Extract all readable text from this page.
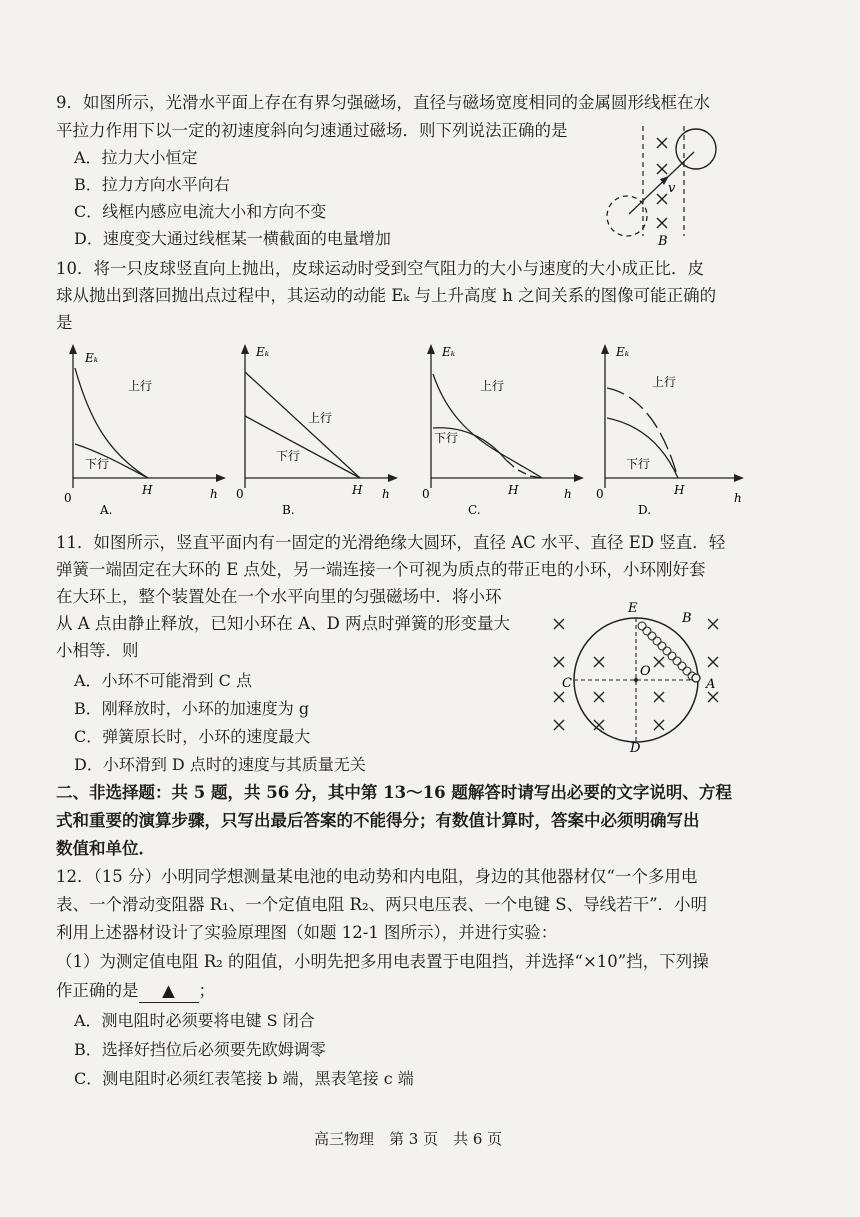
9．如图所示，光滑水平面上存在有界匀强磁场，直径与磁场宽度相同的金属圆形线框在水
平拉力作用下以一定的初速度斜向匀速通过磁场．则下列说法正确的是
A．拉力大小恒定
B．拉力方向水平向右
C．线框内感应电流大小和方向不变
D．速度变大通过线框某一横截面的电量增加
v
B
10．将一只皮球竖直向上抛出，皮球运动时受到空气阻力的大小与速度的大小成正比．皮
球从抛出到落回抛出点过程中，其运动的动能 Eₖ 与上升高度 h 之间关系的图像可能正确的
是
Eₖ
上行
下行
0
H	h
A.
Eₖ
上行
下行
0	H h
B.
Eₖ
上行
下行
0	H	h
C.
Eₖ
上行
下行
0	H
h
D.
11．如图所示，竖直平面内有一固定的光滑绝缘大圆环，直径 AC 水平、直径 ED 竖直．轻
弹簧一端固定在大环的 E 点处，另一端连接一个可视为质点的带正电的小环，小环刚好套
在大环上，整个装置处在一个水平向里的匀强磁场中．将小环
从 A 点由静止释放，已知小环在 A、D 两点时弹簧的形变量大
小相等．则
A．小环不可能滑到 C 点
B．刚释放时，小环的加速度为 g
C．弹簧原长时，小环的速度最大
D．小环滑到 D 点时的速度与其质量无关
E
B
A
C
O
D
二、非选择题：共 5 题，共 56 分，其中第 13～16 题解答时请写出必要的文字说明、方程
式和重要的演算步骤，只写出最后答案的不能得分；有数值计算时，答案中必须明确写出
数值和单位．
12．（15 分）小明同学想测量某电池的电动势和内电阻，身边的其他器材仅“一个多用电
表、一个滑动变阻器 R₁、一个定值电阻 R₂、两只电压表、一个电键 S、导线若干”．小明
利用上述器材设计了实验原理图（如题 12-1 图所示），并进行实验：
（1）为测定值电阻 R₂ 的阻值，小明先把多用电表置于电阻挡，并选择“×10”挡，下列操
作正确的是 ▲ ；
A．测电阻时必须要将电键 S 闭合
B．选择好挡位后必须要先欧姆调零
C．测电阻时必须红表笔接 b 端，黑表笔接 c 端
高三物理　第 3 页　共 6 页
